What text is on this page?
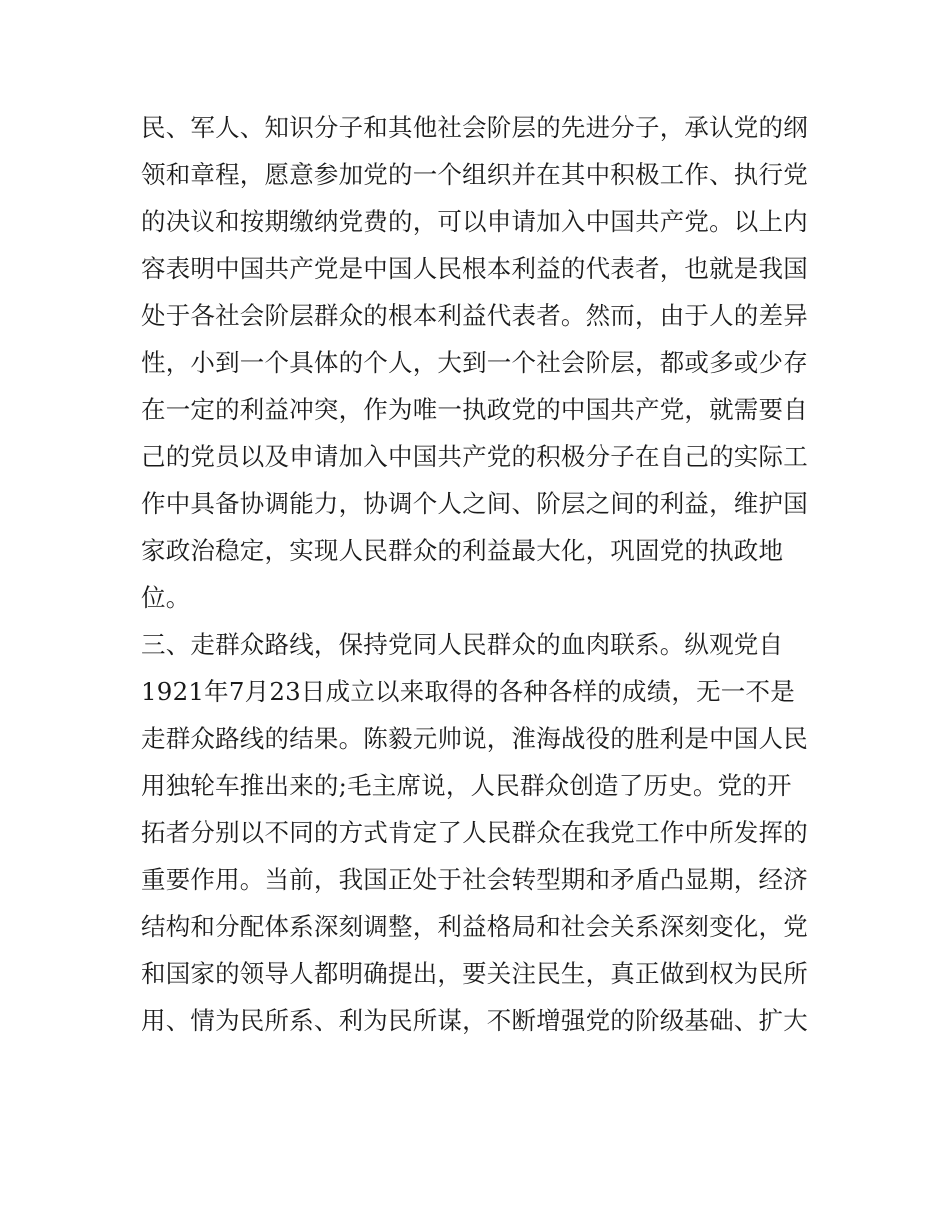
民、军人、知识分子和其他社会阶层的先进分子，承认党的纲
领和章程，愿意参加党的一个组织并在其中积极工作、执行党
的决议和按期缴纳党费的，可以申请加入中国共产党。以上内
容表明中国共产党是中国人民根本利益的代表者，也就是我国
处于各社会阶层群众的根本利益代表者。然而，由于人的差异
性，小到一个具体的个人，大到一个社会阶层，都或多或少存
在一定的利益冲突，作为唯一执政党的中国共产党，就需要自
己的党员以及申请加入中国共产党的积极分子在自己的实际工
作中具备协调能力，协调个人之间、阶层之间的利益，维护国
家政治稳定，实现人民群众的利益最大化，巩固党的执政地
位。
三、走群众路线，保持党同人民群众的血肉联系。纵观党自
1921年7月23日成立以来取得的各种各样的成绩，无一不是
走群众路线的结果。陈毅元帅说，淮海战役的胜利是中国人民
用独轮车推出来的;毛主席说，人民群众创造了历史。党的开
拓者分别以不同的方式肯定了人民群众在我党工作中所发挥的
重要作用。当前，我国正处于社会转型期和矛盾凸显期，经济
结构和分配体系深刻调整，利益格局和社会关系深刻变化，党
和国家的领导人都明确提出，要关注民生，真正做到权为民所
用、情为民所系、利为民所谋，不断增强党的阶级基础、扩大
